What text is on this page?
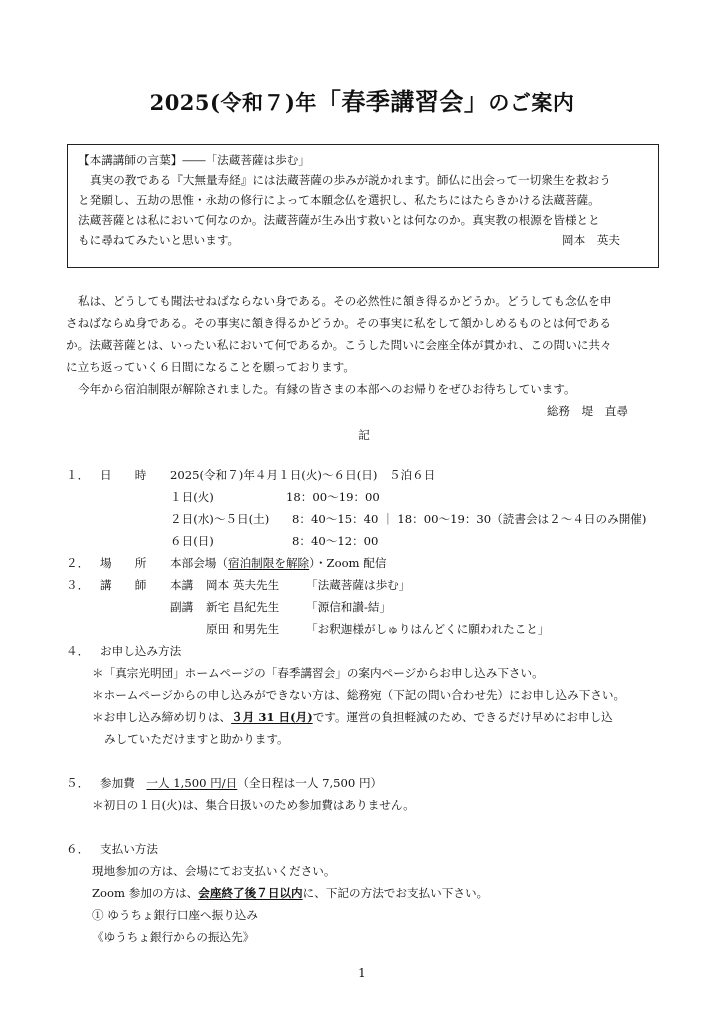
2025(令和７)年「春季講習会」のご案内
【本講講師の言葉】――「法蔵菩薩は歩む」
真実の教である『大無量寿経』には法蔵菩薩の歩みが説かれます。師仏に出会って一切衆生を救おう
と発願し、五劫の思惟・永劫の修行によって本願念仏を選択し、私たちにはたらきかける法蔵菩薩。
法蔵菩薩とは私において何なのか。法蔵菩薩が生み出す救いとは何なのか。真実教の根源を皆様とと
もに尋ねてみたいと思います。	岡本　英夫
私は、どうしても聞法せねばならない身である。その必然性に頷き得るかどうか。どうしても念仏を申
さねばならぬ身である。その事実に頷き得るかどうか。その事実に私をして頷かしめるものとは何である
か。法蔵菩薩とは、いったい私において何であるか。こうした問いに会座全体が貫かれ、この問いに共々
に立ち返っていく６日間になることを願っております。
今年から宿泊制限が解除されました。有縁の皆さまの本部へのお帰りをぜひお待ちしています。
総務　堤　直尋
記
１． 日　　時 2025(令和７)年４月１日(火)～６日(日)　５泊６日
１日(火)	18：00～19：00
２日(水)～５日(土) 8：40～15：40 ｜ 18：00～19：30（読書会は２～４日のみ開催)
６日(日)	8：40～12：00
２． 場　　所 本部会場（宿泊制限を解除）・Zoom 配信
３． 講　　師 本講 岡本 英夫先生 「法蔵菩薩は歩む」
副講 新宅 昌紀先生 「源信和讃-結」
原田 和男先生 「お釈迦様がしゅりはんどくに願われたこと」
４． お申し込み方法
＊「真宗光明団」ホームページの「春季講習会」の案内ページからお申し込み下さい。
＊ホームページからの申し込みができない方は、総務宛（下記の問い合わせ先）にお申し込み下さい。
＊お申し込み締め切りは、３月 31 日(月)です。運営の負担軽減のため、できるだけ早めにお申し込
みしていただけますと助かります。
５． 参加費　 一人 1,500 円/日（全日程は一人 7,500 円）
＊初日の１日(火)は、集合日扱いのため参加費はありません。
６． 支払い方法
現地参加の方は、会場にてお支払いください。
Zoom 参加の方は、会座終了後７日以内に、下記の方法でお支払い下さい。
① ゆうちょ銀行口座へ振り込み
《ゆうちょ銀行からの振込先》
1
